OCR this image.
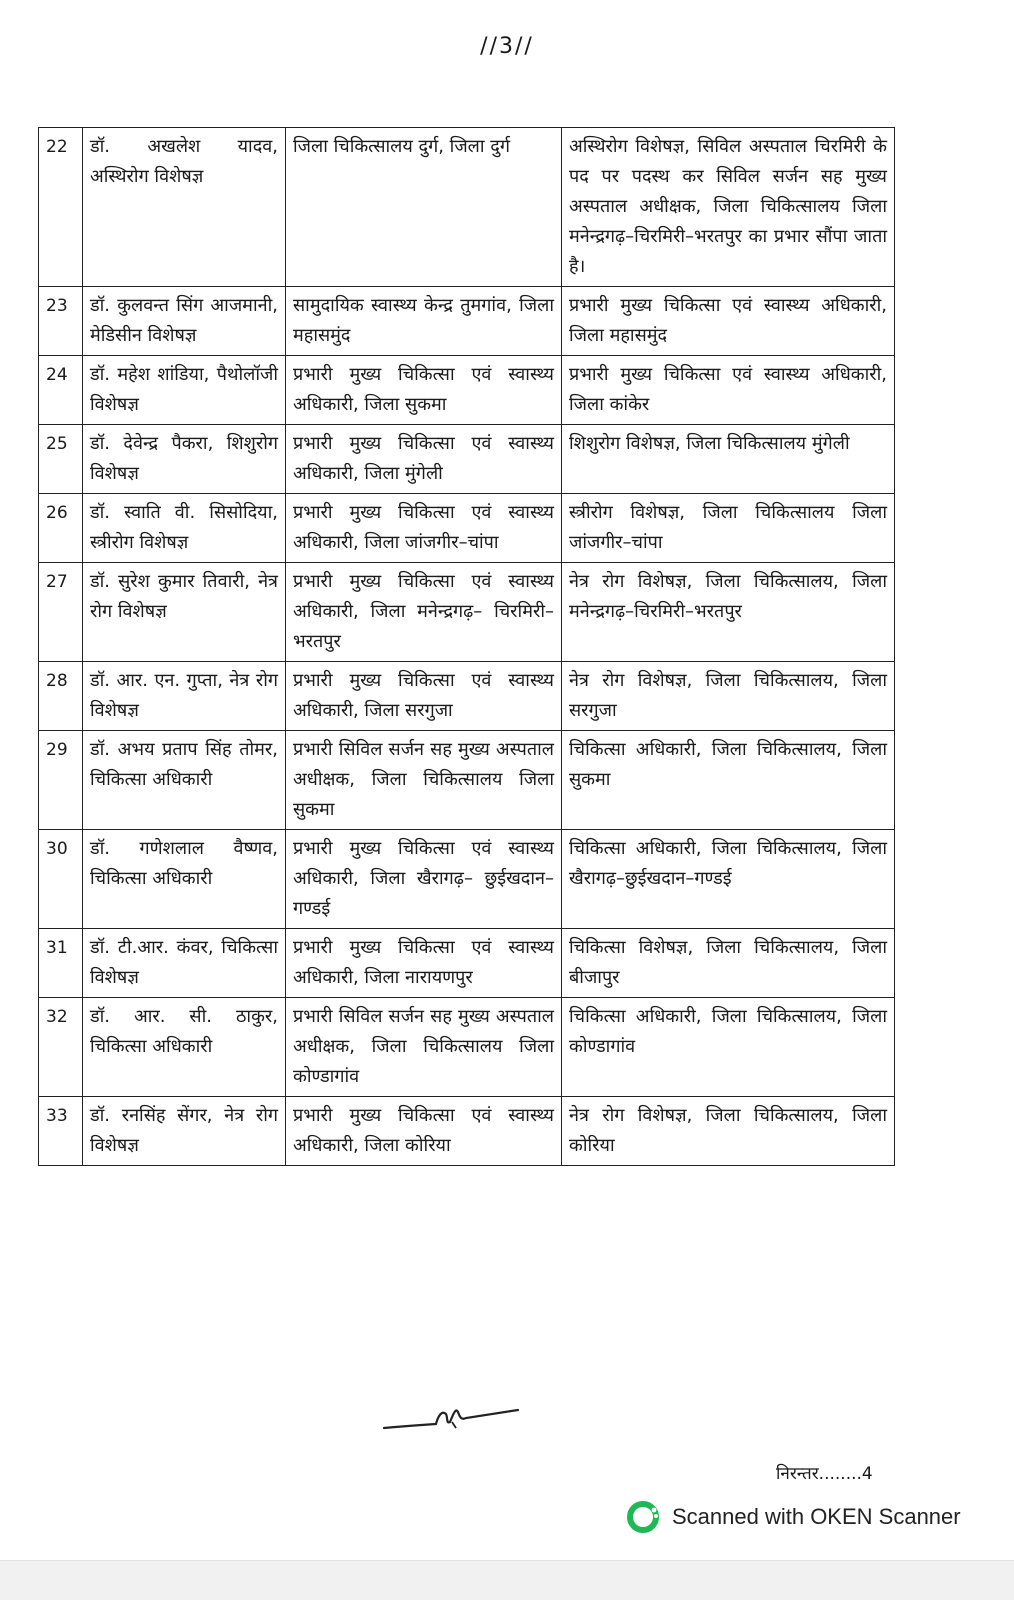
//3//
22	डॉ. अखलेश यादव, अस्थिरोग विशेषज्ञ	जिला चिकित्सालय दुर्ग, जिला दुर्ग	अस्थिरोग विशेषज्ञ, सिविल अस्पताल चिरमिरी के पद पर पदस्थ कर सिविल सर्जन सह मुख्य अस्पताल अधीक्षक, जिला चिकित्सालय जिला मनेन्द्रगढ़–चिरमिरी–भरतपुर का प्रभार सौंपा जाता है।
23	डॉ. कुलवन्त सिंग आजमानी, मेडिसीन विशेषज्ञ	सामुदायिक स्वास्थ्य केन्द्र तुमगांव, जिला महासमुंद	प्रभारी मुख्य चिकित्सा एवं स्वास्थ्य अधिकारी, जिला महासमुंद
24	डॉ. महेश शांडिया, पैथोलॉजी विशेषज्ञ	प्रभारी मुख्य चिकित्सा एवं स्वास्थ्य अधिकारी, जिला सुकमा	प्रभारी मुख्य चिकित्सा एवं स्वास्थ्य अधिकारी, जिला कांकेर
25	डॉ. देवेन्द्र पैकरा, शिशुरोग विशेषज्ञ	प्रभारी मुख्य चिकित्सा एवं स्वास्थ्य अधिकारी, जिला मुंगेली	शिशुरोग विशेषज्ञ, जिला चिकित्सालय मुंगेली
26	डॉ. स्वाति वी. सिसोदिया, स्त्रीरोग विशेषज्ञ	प्रभारी मुख्य चिकित्सा एवं स्वास्थ्य अधिकारी, जिला जांजगीर–चांपा	स्त्रीरोग विशेषज्ञ, जिला चिकित्सालय जिला जांजगीर–चांपा
27	डॉ. सुरेश कुमार तिवारी, नेत्र रोग विशेषज्ञ	प्रभारी मुख्य चिकित्सा एवं स्वास्थ्य अधिकारी, जिला मनेन्द्रगढ़– चिरमिरी–भरतपुर	नेत्र रोग विशेषज्ञ, जिला चिकित्सालय, जिला मनेन्द्रगढ़–चिरमिरी–भरतपुर
28	डॉ. आर. एन. गुप्ता, नेत्र रोग विशेषज्ञ	प्रभारी मुख्य चिकित्सा एवं स्वास्थ्य अधिकारी, जिला सरगुजा	नेत्र रोग विशेषज्ञ, जिला चिकित्सालय, जिला सरगुजा
29	डॉ. अभय प्रताप सिंह तोमर, चिकित्सा अधिकारी	प्रभारी सिविल सर्जन सह मुख्य अस्पताल अधीक्षक, जिला चिकित्सालय जिला सुकमा	चिकित्सा अधिकारी, जिला चिकित्सालय, जिला सुकमा
30	डॉ. गणेशलाल वैष्णव, चिकित्सा अधिकारी	प्रभारी मुख्य चिकित्सा एवं स्वास्थ्य अधिकारी, जिला खैरागढ़– छुईखदान–गण्डई	चिकित्सा अधिकारी, जिला चिकित्सालय, जिला खैरागढ़–छुईखदान–गण्डई
31	डॉ. टी.आर. कंवर, चिकित्सा विशेषज्ञ	प्रभारी मुख्य चिकित्सा एवं स्वास्थ्य अधिकारी, जिला नारायणपुर	चिकित्सा विशेषज्ञ, जिला चिकित्सालय, जिला बीजापुर
32	डॉ. आर. सी. ठाकुर, चिकित्सा अधिकारी	प्रभारी सिविल सर्जन सह मुख्य अस्पताल अधीक्षक, जिला चिकित्सालय जिला कोण्डागांव	चिकित्सा अधिकारी, जिला चिकित्सालय, जिला कोण्डागांव
33	डॉ. रनसिंह सेंगर, नेत्र रोग विशेषज्ञ	प्रभारी मुख्य चिकित्सा एवं स्वास्थ्य अधिकारी, जिला कोरिया	नेत्र रोग विशेषज्ञ, जिला चिकित्सालय, जिला कोरिया
निरन्तर........4
Scanned with OKEN Scanner
